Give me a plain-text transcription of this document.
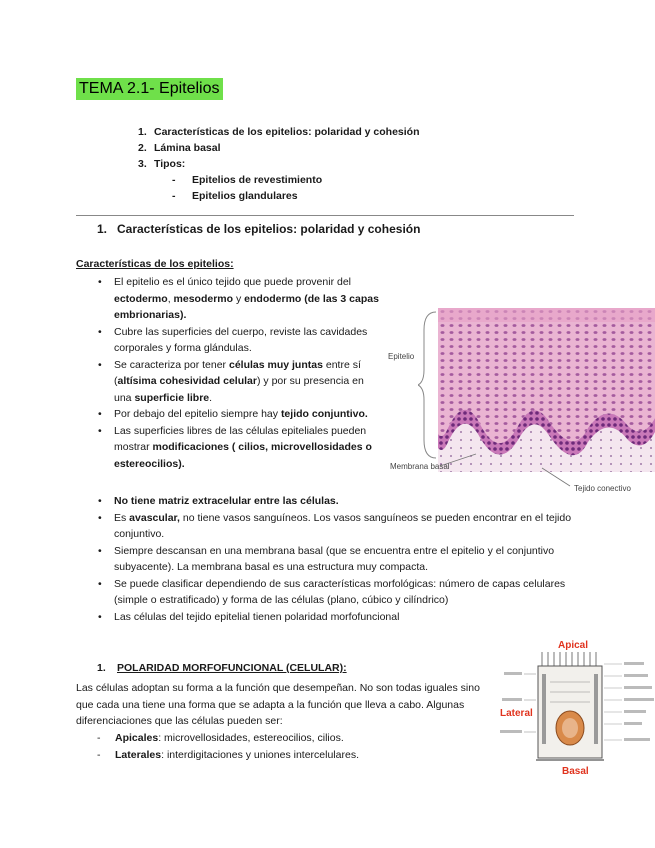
TEMA 2.1- Epitelios
1. Características de los epitelios: polaridad y cohesión
2. Lámina basal
3. Tipos:
- Epitelios de revestimiento
- Epitelios glandulares
1. Características de los epitelios: polaridad y cohesión
Características de los epitelios:
• El epitelio es el único tejido que puede provenir del ectodermo, mesodermo y endodermo (de las 3 capas embrionarias).
• Cubre las superficies del cuerpo, reviste las cavidades corporales y forma glándulas.
• Se caracteriza por tener células muy juntas entre sí (altísima cohesividad celular) y por su presencia en una superficie libre.
• Por debajo del epitelio siempre hay tejido conjuntivo.
• Las superficies libres de las células epiteliales pueden mostrar modificaciones ( cilios, microvellosidades o estereocilios).
• No tiene matriz extracelular entre las células.
• Es avascular, no tiene vasos sanguíneos. Los vasos sanguíneos se pueden encontrar en el tejido conjuntivo.
• Siempre descansan en una membrana basal (que se encuentra entre el epitelio y el conjuntivo subyacente). La membrana basal es una estructura muy compacta.
• Se puede clasificar dependiendo de sus características morfológicas: número de capas celulares (simple o estratificado) y forma de las células (plano, cúbico y cilíndrico)
• Las células del tejido epitelial tienen polaridad morfofuncional
Epitelio
Membrana basal
Tejido conectivo
1. POLARIDAD MORFOFUNCIONAL (CELULAR):
Las células adoptan su forma a la función que desempeñan. No son todas iguales sino que cada una tiene una forma que se adapta a la función que lleva a cabo. Algunas diferenciaciones que las células pueden ser:
- Apicales: microvellosidades, estereocilios, cilios.
- Laterales: interdigitaciones y uniones intercelulares.
Apical
Lateral
Basal
